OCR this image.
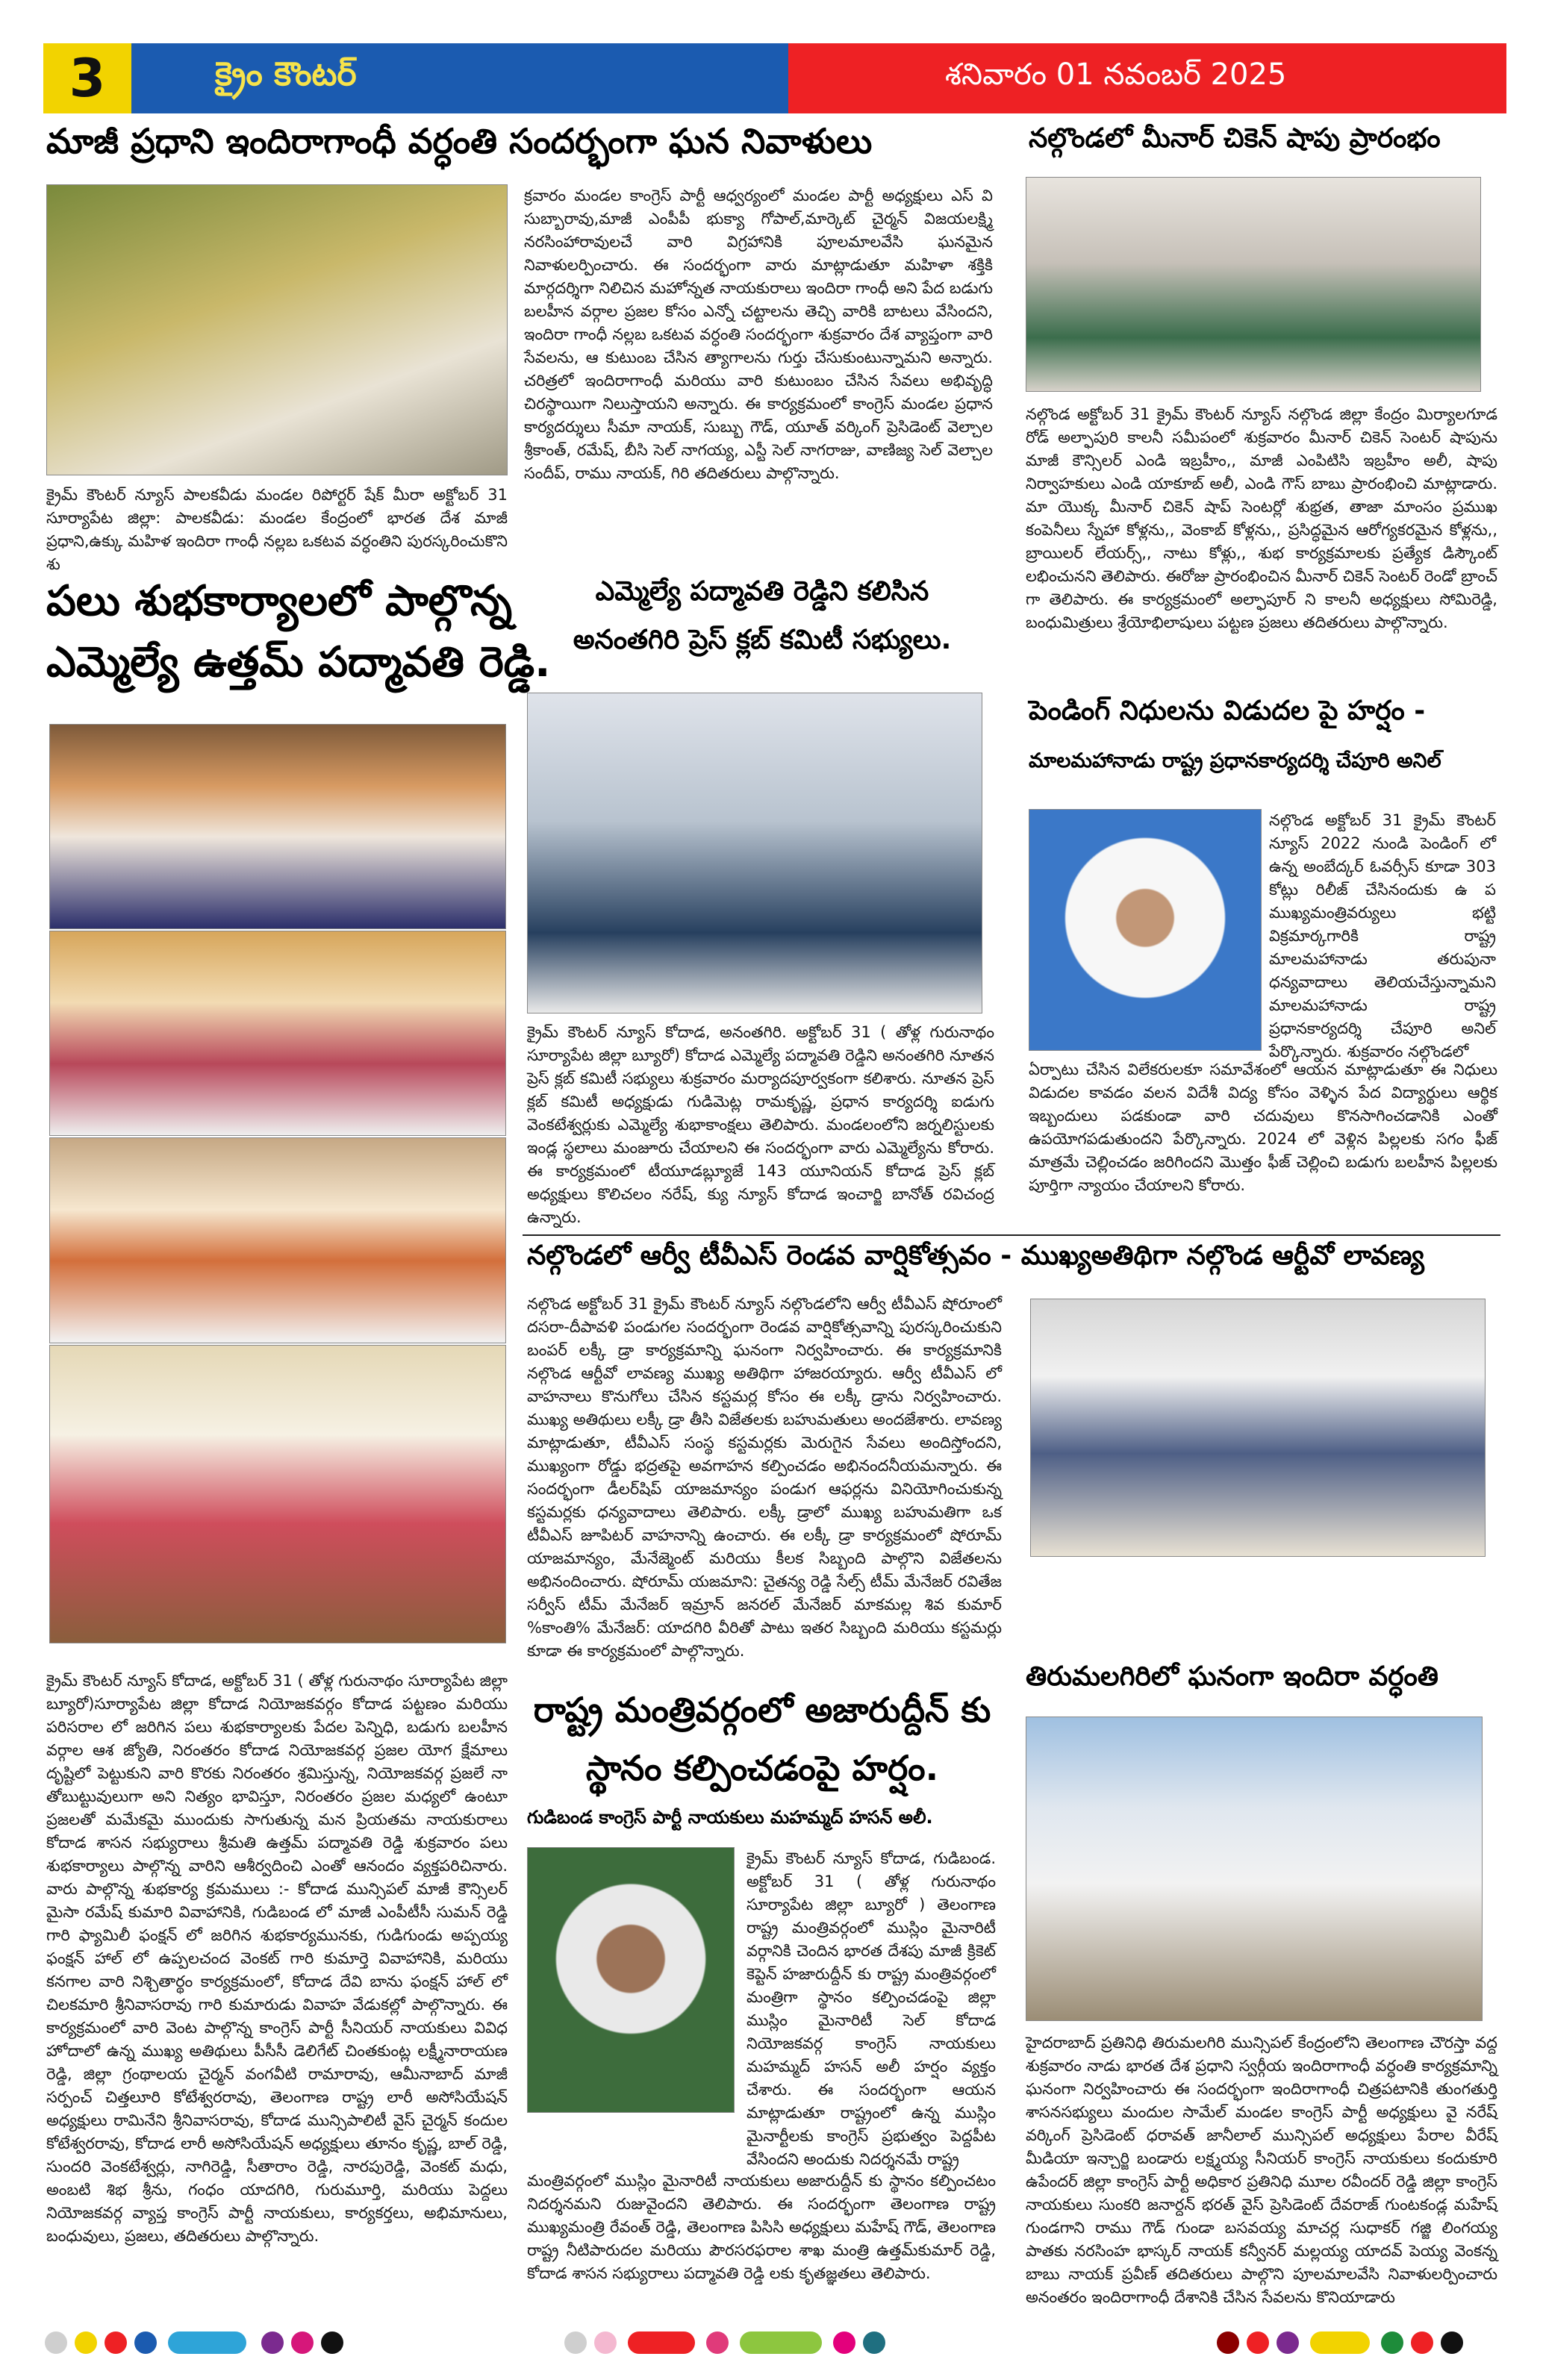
3	క్రైం కౌంటర్	శనివారం 01 నవంబర్ 2025
మాజీ ప్రధాని ఇందిరాగాంధీ వర్ధంతి సందర్భంగా ఘన నివాళులు
క్రైమ్ కౌంటర్ న్యూస్ పాలకవీడు మండల రిపోర్టర్ షేక్ మీరా అక్టోబర్ 31 సూర్యాపేట జిల్లా: పాలకవీడు: మండల కేంద్రంలో భారత దేశ మాజీ ప్రధాని,ఉక్కు మహిళ ఇందిరా గాంధీ నల్లబ ఒకటవ వర్ధంతిని పురస్కరించుకొని శు
క్రవారం మండల కాంగ్రెస్ పార్టీ ఆధ్వర్యంలో మండల పార్టీ అధ్యక్షులు ఎస్ వి సుబ్బారావు,మాజీ ఎంపీపీ భుక్యా గోపాల్,మార్కెట్ చైర్మన్ విజయలక్ష్మి నరసింహారావులచే వారి విగ్రహానికి పూలమాలవేసి ఘనమైన నివాళులర్పించారు. ఈ సందర్భంగా వారు మాట్లాడుతూ మహిళా శక్తికి మార్గదర్శిగా నిలిచిన మహోన్నత నాయకురాలు ఇందిరా గాంధీ అని పేద బడుగు బలహీన వర్గాల ప్రజల కోసం ఎన్నో చట్టాలను తెచ్చి వారికి బాటలు వేసిందని, ఇందిరా గాంధీ నల్లబ ఒకటవ వర్ధంతి సందర్భంగా శుక్రవారం దేశ వ్యాప్తంగా వారి సేవలను, ఆ కుటుంబ చేసిన త్యాగాలను గుర్తు చేసుకుంటున్నామని అన్నారు. చరిత్రలో ఇందిరాగాంధీ మరియు వారి కుటుంబం చేసిన సేవలు అభివృద్ధి చిరస్థాయిగా నిలుస్తాయని అన్నారు. ఈ కార్యక్రమంలో కాంగ్రెస్ మండల ప్రధాన కార్యదర్శులు సీమా నాయక్, సుబ్బు గౌడ్, యూత్ వర్కింగ్ ప్రెసిడెంట్ వెల్చాల శ్రీకాంత్, రమేష్, బీసి సెల్ నాగయ్య, ఎస్టీ సెల్ నాగరాజు, వాణిజ్య సెల్ వెల్చాల సందీప్, రాము నాయక్, గిరి తదితరులు పాల్గొన్నారు.
నల్గొండలో మీనార్ చికెన్ షాపు ప్రారంభం
నల్గొండ అక్టోబర్ 31 క్రైమ్ కౌంటర్ న్యూస్ నల్గొండ జిల్లా కేంద్రం మిర్యాలగూడ రోడ్ అల్ఫాపురి కాలనీ సమీపంలో శుక్రవారం మీనార్ చికెన్ సెంటర్ షాపును మాజీ కౌన్సిలర్ ఎండి ఇబ్రహీం,, మాజీ ఎంపిటిసి ఇబ్రహీం అలీ, షాపు నిర్వాహకులు ఎండి యాకూబ్ అలీ, ఎండి గౌస్ బాబు ప్రారంభించి మాట్లాడారు. మా యొక్క మీనార్ చికెన్ షాప్ సెంటర్లో శుభ్రత, తాజా మాంసం ప్రముఖ కంపెనీలు స్నేహా కోళ్లను,, వెంకాబ్ కోళ్లను,, ప్రసిద్ధమైన ఆరోగ్యకరమైన కోళ్లను,, బ్రాయిలర్ లేయర్స్,, నాటు కోళ్లు,, శుభ కార్యక్రమాలకు ప్రత్యేక డిస్కౌంట్ లభించునని తెలిపారు. ఈరోజు ప్రారంభించిన మీనార్ చికెన్ సెంటర్ రెండో బ్రాంచ్ గా తెలిపారు. ఈ కార్యక్రమంలో అల్ఫాపూర్ ని కాలనీ అధ్యక్షులు సోమిరెడ్డి, బంధుమిత్రులు శ్రేయోభిలాషులు పట్టణ ప్రజలు తదితరులు పాల్గొన్నారు.
పలు శుభకార్యాలలో పాల్గొన్న
ఎమ్మెల్యే ఉత్తమ్ పద్మావతి రెడ్డి.
క్రైమ్ కౌంటర్ న్యూస్ కోదాడ, అక్టోబర్ 31 ( తోళ్ల గురునాథం సూర్యాపేట జిల్లా బ్యూరో)సూర్యాపేట జిల్లా కోదాడ నియోజకవర్గం కోదాడ పట్టణం మరియు పరిసరాల లో జరిగిన పలు శుభకార్యాలకు పేదల పెన్నిధి, బడుగు బలహీన వర్గాల ఆశ జ్యోతి, నిరంతరం కోదాడ నియోజకవర్గ ప్రజల యోగ క్షేమాలు దృష్టిలో పెట్టుకుని వారి కొరకు నిరంతరం శ్రమిస్తున్న, నియోజకవర్గ ప్రజలే నా తోబుట్టువులుగా అని నిత్యం భావిస్తూ, నిరంతరం ప్రజల మధ్యలో ఉంటూ ప్రజలతో మమేకమై ముందుకు సాగుతున్న మన ప్రియతమ నాయకురాలు కోదాడ శాసన సభ్యురాలు శ్రీమతి ఉత్తమ్ పద్మావతి రెడ్డి శుక్రవారం పలు శుభకార్యాలు పాల్గొన్న వారిని ఆశీర్వదించి ఎంతో ఆనందం వ్యక్తపరిచినారు. వారు పాల్గొన్న శుభకార్య క్రమములు :- కోదాడ మున్సిపల్ మాజీ కౌన్సిలర్ మైసా రమేష్ కుమారి వివాహానికి, గుడిబండ లో మాజీ ఎంపీటీసీ సుమన్ రెడ్డి గారి ఫ్యామిలీ ఫంక్షన్ లో జరిగిన శుభకార్యమునకు, గుడిగుండు అప్పయ్య ఫంక్షన్ హాల్ లో ఉప్పలచంద వెంకట్ గారి కుమార్తె వివాహానికి, మరియు కనగాల వారి నిశ్చితార్థం కార్యక్రమంలో, కోదాడ దేవి బాను ఫంక్షన్ హాల్ లో చిలకమారి శ్రీనివాసరావు గారి కుమారుడు వివాహ వేడుకల్లో పాల్గొన్నారు. ఈ కార్యక్రమంలో వారి వెంట పాల్గొన్న కాంగ్రెస్ పార్టీ సీనియర్ నాయకులు వివిధ హోదాలో ఉన్న ముఖ్య అతిథులు పీసీసీ డెలిగేట్ చింతకుంట్ల లక్ష్మీనారాయణ రెడ్డి, జిల్లా గ్రంథాలయ చైర్మన్ వంగవీటి రామారావు, ఆమీనాబాద్ మాజీ సర్పంచ్ చిత్తలూరి కోటేశ్వరరావు, తెలంగాణ రాష్ట్ర లారీ అసోసియేషన్ అధ్యక్షులు రామినేని శ్రీనివాసరావు, కోదాడ మున్సిపాలిటీ వైస్ చైర్మన్ కందుల కోటేశ్వరరావు, కోదాడ లారీ అసోసియేషన్ అధ్యక్షులు తూనం కృష్ణ, బాల్ రెడ్డి, సుందరి వెంకటేశ్వర్లు, నాగిరెడ్డి, సీతారాం రెడ్డి, నారపురెడ్డి, వెంకట్ మధు, అంబటి శిభ శ్రీను, గంధం యాదగిరి, గురుమూర్తి, మరియు పెద్దలు నియోజకవర్గ వ్యాప్త కాంగ్రెస్ పార్టీ నాయకులు, కార్యకర్తలు, అభిమానులు, బంధువులు, ప్రజలు, తదితరులు పాల్గొన్నారు.
ఎమ్మెల్యే పద్మావతి రెడ్డిని కలిసిన
అనంతగిరి ప్రెస్ క్లబ్ కమిటీ సభ్యులు.
క్రైమ్ కౌంటర్ న్యూస్ కోదాడ, అనంతగిరి. అక్టోబర్ 31 ( తోళ్ల గురునాథం సూర్యాపేట జిల్లా బ్యూరో) కోదాడ ఎమ్మెల్యే పద్మావతి రెడ్డిని అనంతగిరి నూతన ప్రెస్ క్లబ్ కమిటీ సభ్యులు శుక్రవారం మర్యాదపూర్వకంగా కలిశారు. నూతన ప్రెస్ క్లబ్ కమిటీ అధ్యక్షుడు గుడిమెట్ల రామకృష్ణ, ప్రధాన కార్యదర్శి ఐడుగు వెంకటేశ్వర్లుకు ఎమ్మెల్యే శుభాకాంక్షలు తెలిపారు. మండలంలోని జర్నలిస్టులకు ఇండ్ల స్థలాలు మంజూరు చేయాలని ఈ సందర్భంగా వారు ఎమ్మెల్యేను కోరారు. ఈ కార్యక్రమంలో టీయూడబ్ల్యూజే 143 యూనియన్ కోదాడ ప్రెస్ క్లబ్ అధ్యక్షులు కొలిచలం నరేష్, క్యు న్యూస్ కోదాడ ఇంచార్జి బానోత్ రవిచంద్ర ఉన్నారు.
పెండింగ్ నిధులను విడుదల పై హర్షం -
మాలమహానాడు రాష్ట్ర ప్రధానకార్యదర్శి చేపూరి అనిల్
నల్గొండ అక్టోబర్ 31 క్రైమ్ కౌంటర్ న్యూస్ 2022 నుండి పెండింగ్ లో ఉన్న అంబేద్కర్ ఓవర్సీస్ కూడా 303 కోట్లు రిలీజ్ చేసినందుకు ఉ ప ముఖ్యమంత్రివర్యులు భట్టి విక్రమార్కగారికి రాష్ట్ర మాలమహానాడు తరుపునా ధన్యవాదాలు తెలియచేస్తున్నామని మాలమహానాడు రాష్ట్ర ప్రధానకార్యదర్శి చేపూరి అనిల్ పేర్కొన్నారు. శుక్రవారం నల్గొండలో
ఏర్పాటు చేసిన విలేకరులకూ సమావేశంలో ఆయన మాట్లాడుతూ ఈ నిధులు విడుదల కావడం వలన విదేశీ విద్య కోసం వెళ్ళిన పేద విద్యార్థులు ఆర్థిక ఇబ్బందులు పడకుండా వారి చదువులు కొనసాగించడానికి ఎంతో ఉపయోగపడుతుందని పేర్కొన్నారు. 2024 లో వెళ్లిన పిల్లలకు సగం ఫీజ్ మాత్రమే చెల్లించడం జరిగిందని మొత్తం ఫీజ్ చెల్లించి బడుగు బలహీన పిల్లలకు పూర్తిగా న్యాయం చేయాలని కోరారు.
నల్గొండలో ఆర్వీ టీవీఎస్ రెండవ వార్షికోత్సవం - ముఖ్యఅతిథిగా నల్గొండ ఆర్టీవో లావణ్య
నల్గొండ అక్టోబర్ 31 క్రైమ్ కౌంటర్ న్యూస్ నల్గొండలోని ఆర్వీ టీవీఎస్ షోరూంలో దసరా-దీపావళి పండుగల సందర్భంగా రెండవ వార్షికోత్సవాన్ని పురస్కరించుకుని బంపర్ లక్కీ డ్రా కార్యక్రమాన్ని ఘనంగా నిర్వహించారు. ఈ కార్యక్రమానికి నల్గొండ ఆర్టీవో లావణ్య ముఖ్య అతిథిగా హాజరయ్యారు. ఆర్వీ టీవీఎస్ లో వాహనాలు కొనుగోలు చేసిన కస్టమర్ల కోసం ఈ లక్కీ డ్రాను నిర్వహించారు. ముఖ్య అతిథులు లక్కీ డ్రా తీసి విజేతలకు బహుమతులు అందజేశారు. లావణ్య మాట్లాడుతూ, టీవీఎస్ సంస్థ కస్టమర్లకు మెరుగైన సేవలు అందిస్తోందని, ముఖ్యంగా రోడ్డు భద్రతపై అవగాహన కల్పించడం అభినందనీయమన్నారు. ఈ సందర్భంగా డీలర్‌షిప్ యాజమాన్యం పండుగ ఆఫర్లను వినియోగించుకున్న కస్టమర్లకు ధన్యవాదాలు తెలిపారు. లక్కీ డ్రాలో ముఖ్య బహుమతిగా ఒక టీవీఎస్ జూపిటర్ వాహనాన్ని ఉంచారు. ఈ లక్కీ డ్రా కార్యక్రమంలో షోరూమ్ యాజమాన్యం, మేనేజ్మెంట్ మరియు కీలక సిబ్బంది పాల్గొని విజేతలను అభినందించారు. షోరూమ్ యజమాని: చైతన్య రెడ్డి సేల్స్ టీమ్ మేనేజర్ రవితేజ సర్వీస్ టీమ్ మేనేజర్ ఇమ్రాన్ జనరల్ మేనేజర్ మాకమల్ల శివ కుమార్ %కాంతి% మేనేజర్: యాదగిరి వీరితో పాటు ఇతర సిబ్బంది మరియు కస్టమర్లు కూడా ఈ కార్యక్రమంలో పాల్గొన్నారు.
రాష్ట్ర మంత్రివర్గంలో అజారుద్దీన్ కు
స్థానం కల్పించడంపై హర్షం.
గుడిబండ కాంగ్రెస్ పార్టీ నాయకులు మహమ్మద్ హసన్ అలీ.
క్రైమ్ కౌంటర్ న్యూస్ కోదాడ, గుడిబండ. అక్టోబర్ 31 ( తోళ్ల గురునాథం సూర్యాపేట జిల్లా బ్యూరో ) తెలంగాణ రాష్ట్ర మంత్రివర్గంలో ముస్లిం మైనారిటీ వర్గానికి చెందిన భారత దేశపు మాజీ క్రికెట్ కెప్టెన్ హజారుద్దీన్ కు రాష్ట్ర మంత్రివర్గంలో మంత్రిగా స్థానం కల్పించడంపై జిల్లా ముస్లిం మైనారిటీ సెల్ కోదాడ నియోజకవర్గ కాంగ్రెస్ నాయకులు మహమ్మద్ హసన్ అలీ హర్షం వ్యక్తం చేశారు. ఈ సందర్భంగా ఆయన మాట్లాడుతూ రాష్ట్రంలో ఉన్న ముస్లిం మైనార్టీలకు కాంగ్రెస్ ప్రభుత్వం పెద్దపీట వేసిందని అందుకు నిదర్శనమే రాష్ట్ర
మంత్రివర్గంలో ముస్లిం మైనారిటీ నాయకులు అజారుద్దీన్ కు స్థానం కల్పించటం నిదర్శనమని రుజువైందని తెలిపారు. ఈ సందర్భంగా తెలంగాణ రాష్ట్ర ముఖ్యమంత్రి రేవంత్ రెడ్డి, తెలంగాణ పిసిసి అధ్యక్షులు మహేష్ గౌడ్, తెలంగాణ రాష్ట్ర నీటిపారుదల మరియు పౌరసరఫరాల శాఖ మంత్రి ఉత్తమ్‌కుమార్ రెడ్డి, కోదాడ శాసన సభ్యురాలు పద్మావతి రెడ్డి లకు కృతజ్ఞతలు తెలిపారు.
తిరుమలగిరిలో ఘనంగా ఇందిరా వర్ధంతి
హైదరాబాద్ ప్రతినిధి తిరుమలగిరి మున్సిపల్ కేంద్రంలోని తెలంగాణ చౌరస్తా వద్ద శుక్రవారం నాడు భారత దేశ ప్రధాని స్వర్గీయ ఇందిరాగాంధీ వర్ధంతి కార్యక్రమాన్ని ఘనంగా నిర్వహించారు ఈ సందర్భంగా ఇందిరాగాంధీ చిత్రపటానికి తుంగతుర్తి శాసనసభ్యులు మందుల సామేల్ మండల కాంగ్రెస్ పార్టీ అధ్యక్షులు వై నరేష్ వర్కింగ్ ప్రెసిడెంట్ ధరావత్ జానీలాల్ మున్సిపల్ అధ్యక్షులు పేరాల వీరేష్ మీడియా ఇన్చార్జి బండారు లక్ష్మయ్య సీనియర్ కాంగ్రెస్ నాయకులు కందుకూరి ఉపేందర్ జిల్లా కాంగ్రెస్ పార్టీ అధికార ప్రతినిధి మూల రవీందర్ రెడ్డి జిల్లా కాంగ్రెస్ నాయకులు సుంకరి జనార్దన్ భరత్ వైస్ ప్రెసిడెంట్ దేవరాజ్ గుంటకండ్ల మహేష్ గుండగాని రాము గౌడ్ గుండా బసవయ్య మాచర్ల సుధాకర్ గజ్జి లింగయ్య పాతకు నరసింహ భాస్కర్ నాయక్ కన్వీనర్ మల్లయ్య యాదవ్ పెయ్య వెంకన్న బాబు నాయక్ ప్రవీణ్ తదితరులు పాల్గొని పూలమాలవేసి నివాళులర్పించారు అనంతరం ఇందిరాగాంధీ దేశానికి చేసిన సేవలను కొనియాడారు
